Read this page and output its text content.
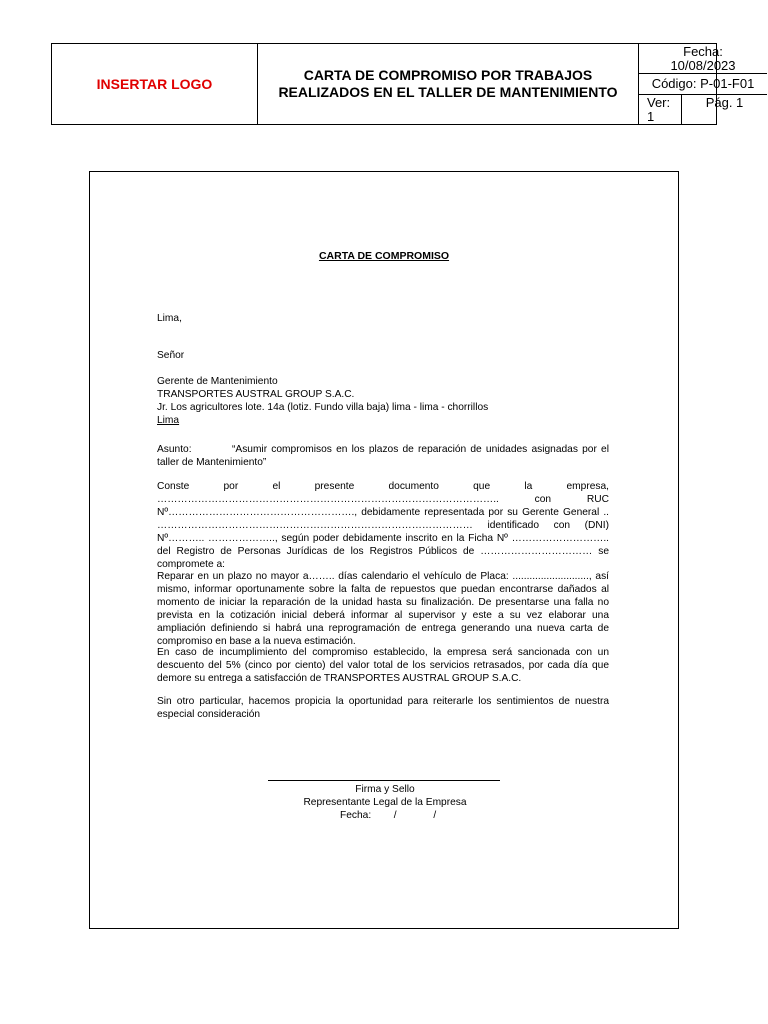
INSERTAR LOGO
CARTA DE COMPROMISO POR TRABAJOS REALIZADOS EN EL TALLER DE MANTENIMIENTO
Fecha:
10/08/2023
Código: P-01-F01
Ver:
1
Pág. 1
CARTA DE COMPROMISO
Lima,
Señor
Gerente de Mantenimiento
TRANSPORTES AUSTRAL GROUP S.A.C.
Jr. Los agricultores lote. 14a (lotiz. Fundo villa baja) lima - lima - chorrillos
Lima
Asunto:	“Asumir compromisos en los plazos de reparación de unidades asignadas por el taller de Mantenimiento”
Conste por el presente documento que la empresa, ……………………………………………………………………………………….. con RUC Nº………………………………………………., debidamente representada por su Gerente General .. ………………………………………………………………………………… identificado con (DNI) Nº……….. ……………….., según poder debidamente inscrito en la Ficha Nº ……………………….. del Registro de Personas Jurídicas de los Registros Públicos de …………………………… se compromete a:
Reparar en un plazo no mayor a…….. días calendario el vehículo de Placa: ..........................., así mismo, informar oportunamente sobre la falta de repuestos que puedan encontrarse dañados al momento de iniciar la reparación de la unidad hasta su finalización. De presentarse una falla no prevista en la cotización inicial deberá informar al supervisor y este a su vez elaborar una ampliación definiendo si habrá una reprogramación de entrega generando una nueva carta de compromiso en base a la nueva estimación.
En caso de incumplimiento del compromiso establecido, la empresa será sancionada con un descuento del 5% (cinco por ciento) del valor total de los servicios retrasados, por cada día que demore su entrega a satisfacción de TRANSPORTES AUSTRAL GROUP S.A.C.
Sin otro particular, hacemos propicia la oportunidad para reiterarle los sentimientos de nuestra especial consideración
Firma y Sello
Representante Legal de la Empresa
Fecha:        /             /
